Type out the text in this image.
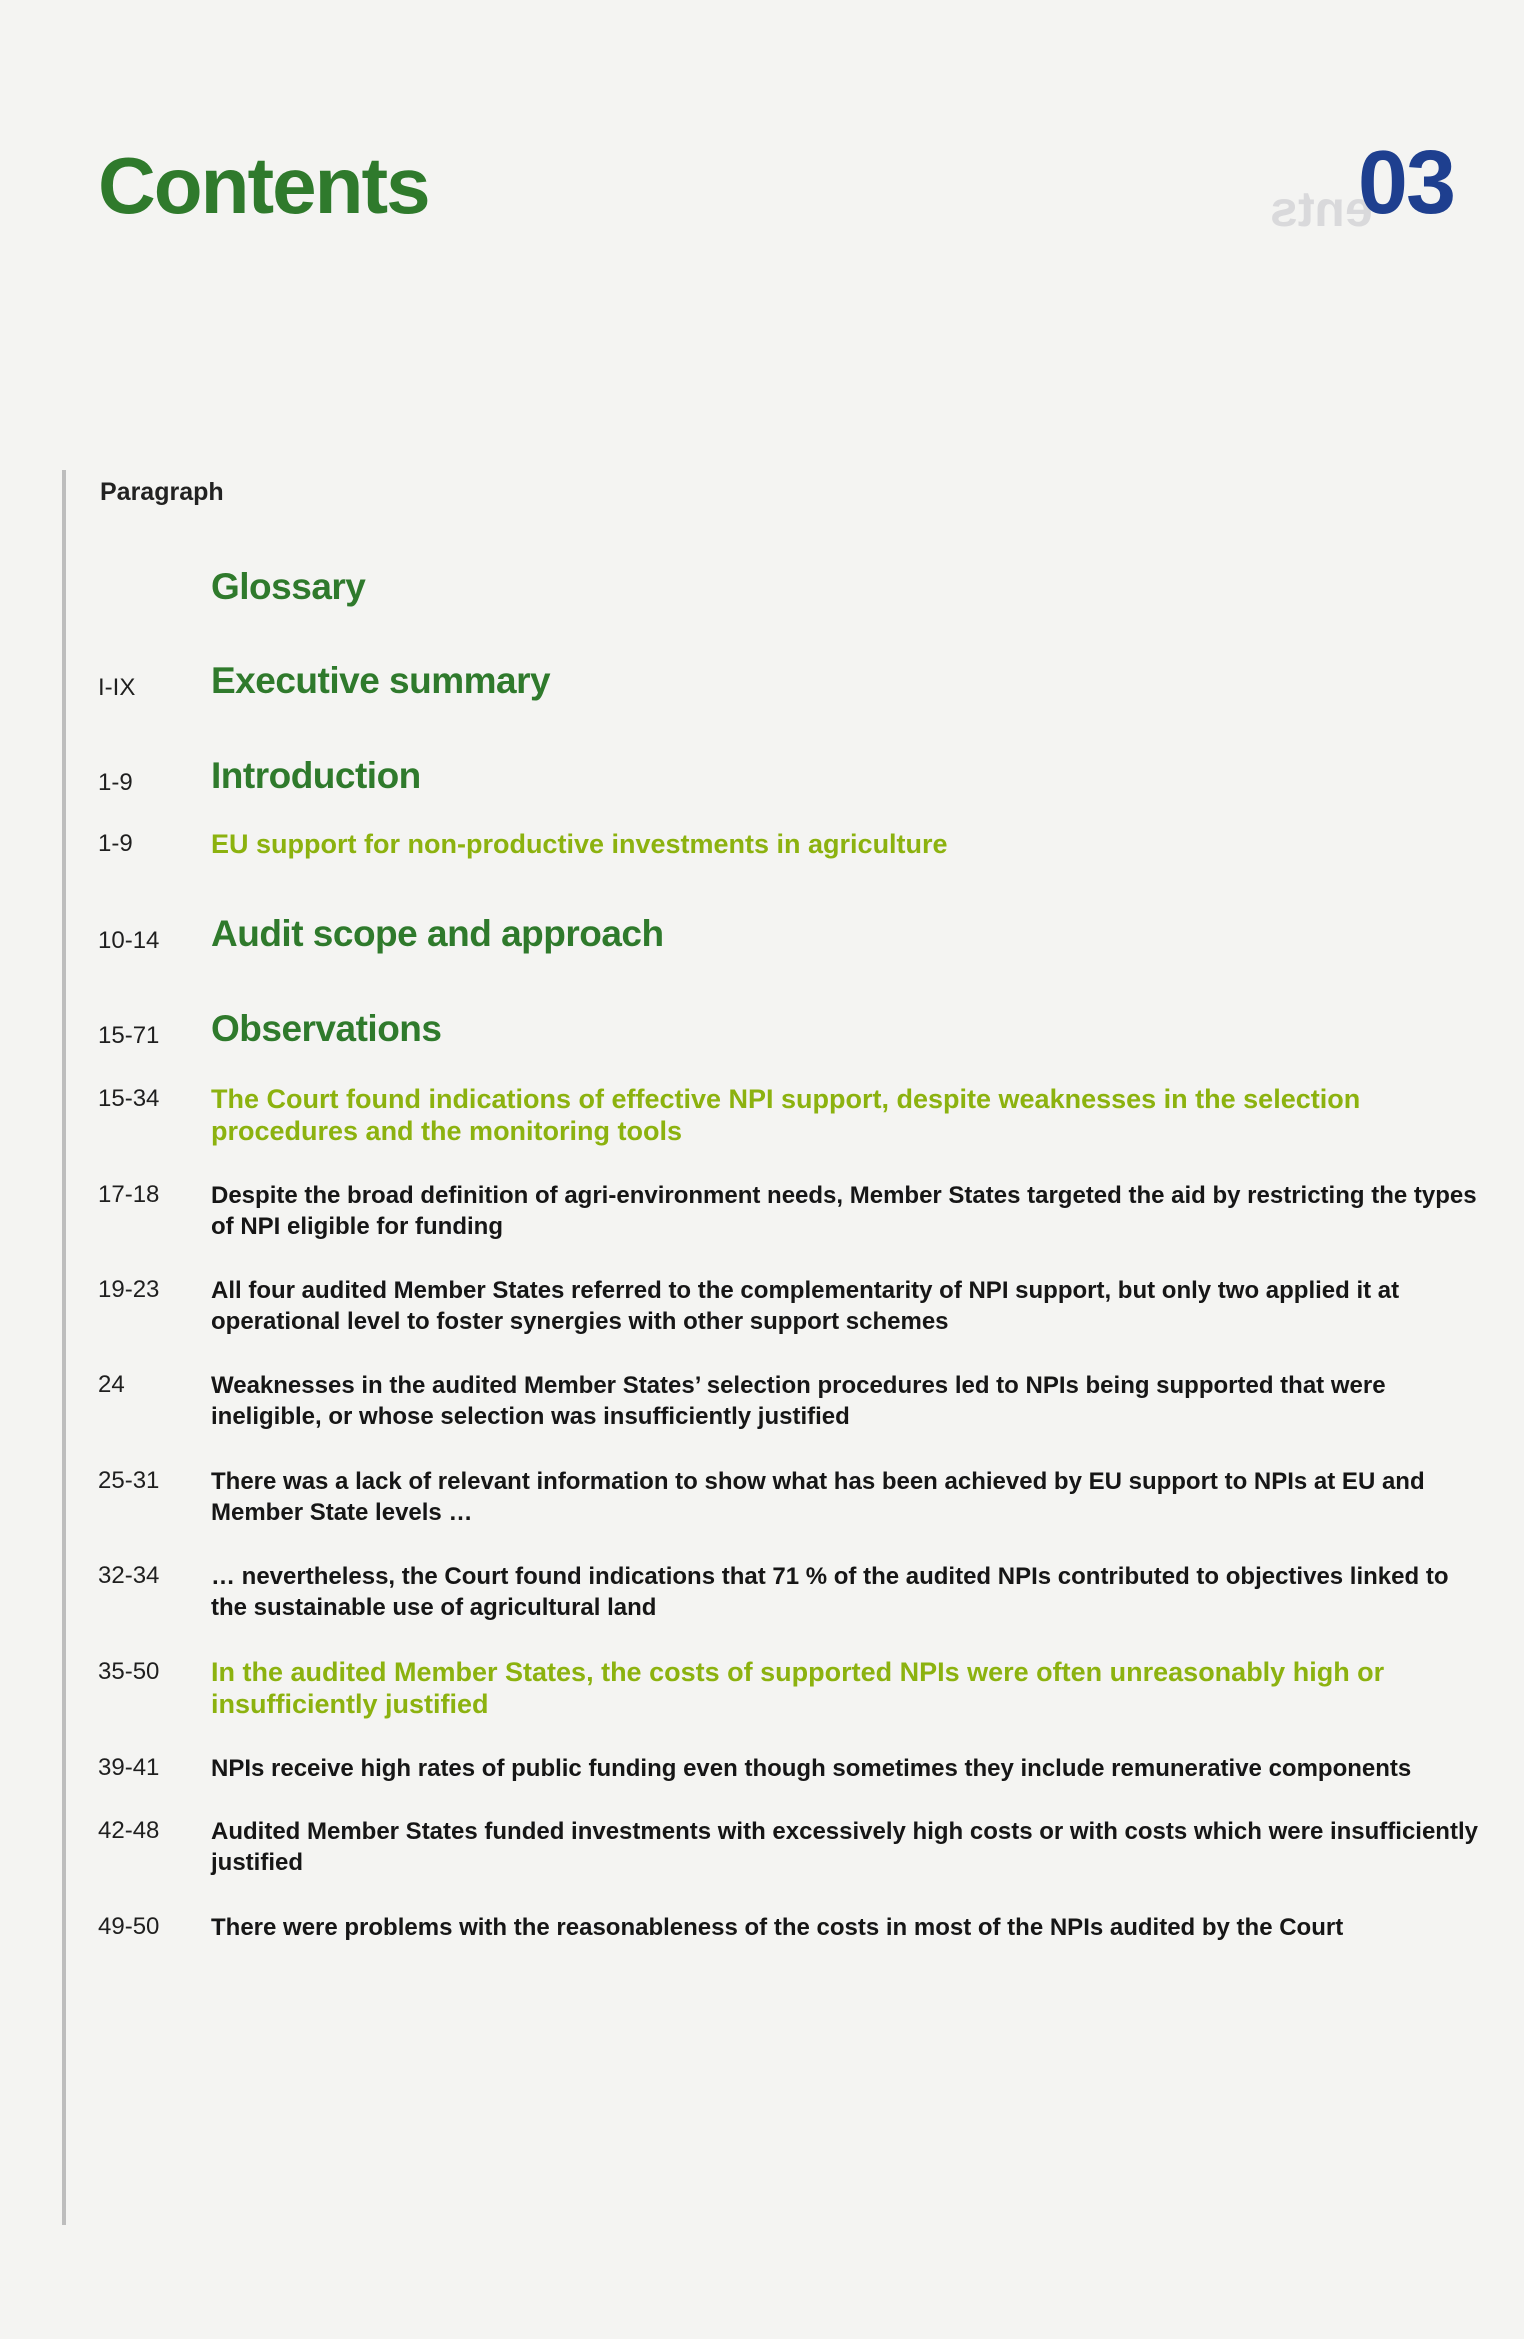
ents
Contents	03
Paragraph
Glossary
I-IX Executive summary
1-9 Introduction
1-9	EU support for non-productive investments in agriculture
10-14 Audit scope and approach
15-71 Observations
15-34 The Court found indications of effective NPI support, despite weaknesses in the selection procedures and the monitoring tools
17-18 Despite the broad definition of agri-environment needs, Member States targeted the aid by restricting the types of NPI eligible for funding
19-23 All four audited Member States referred to the complementarity of NPI support, but only two applied it at operational level to foster synergies with other support schemes
24	Weaknesses in the audited Member States’ selection procedures led to NPIs being supported that were ineligible, or whose selection was insufficiently justified
25-31 There was a lack of relevant information to show what has been achieved by EU support to NPIs at EU and Member State levels …
32-34 … nevertheless, the Court found indications that 71 % of the audited NPIs contributed to objectives linked to the sustainable use of agricultural land
35-50 In the audited Member States, the costs of supported NPIs were often unreasonably high or insufficiently justified
39-41 NPIs receive high rates of public funding even though sometimes they include remunerative components
42-48 Audited Member States funded investments with excessively high costs or with costs which were insufficiently justified
49-50 There were problems with the reasonableness of the costs in most of the NPIs audited by the Court
